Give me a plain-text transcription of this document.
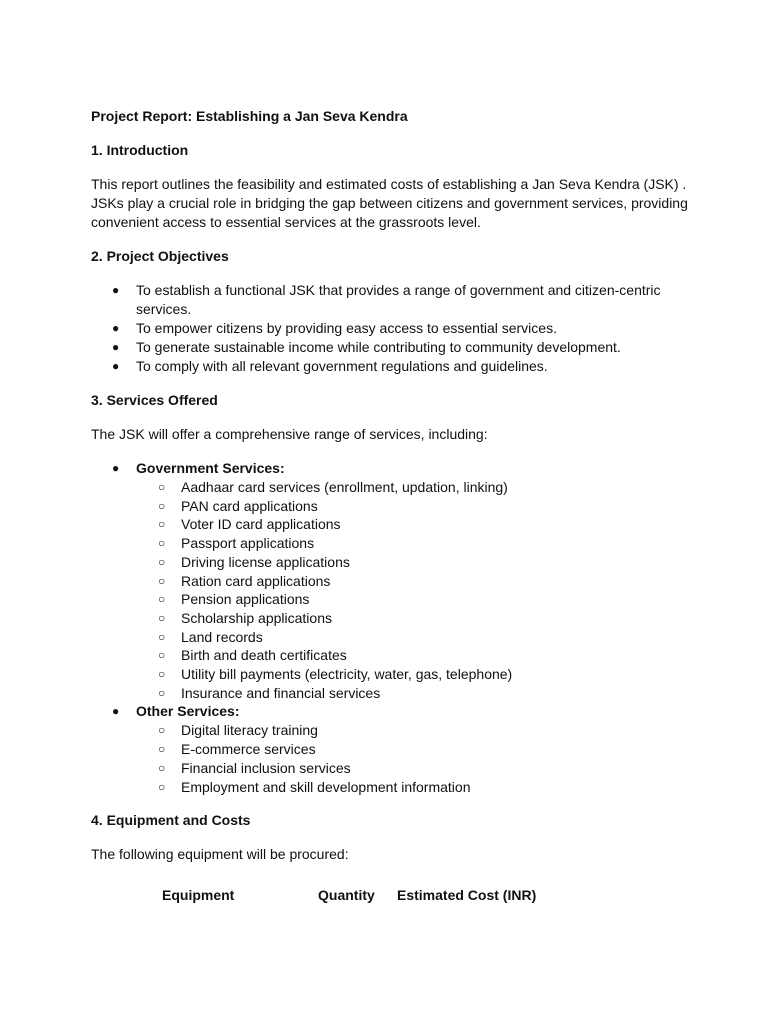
Project Report: Establishing a Jan Seva Kendra

1. Introduction

This report outlines the feasibility and estimated costs of establishing a Jan Seva Kendra (JSK) . JSKs play a crucial role in bridging the gap between citizens and government services, providing convenient access to essential services at the grassroots level.

2. Project Objectives

● To establish a functional JSK that provides a range of government and citizen-centric services.
● To empower citizens by providing easy access to essential services.
● To generate sustainable income while contributing to community development.
● To comply with all relevant government regulations and guidelines.

3. Services Offered

The JSK will offer a comprehensive range of services, including:

● Government Services:
○ Aadhaar card services (enrollment, updation, linking)
○ PAN card applications
○ Voter ID card applications
○ Passport applications
○ Driving license applications
○ Ration card applications
○ Pension applications
○ Scholarship applications
○ Land records
○ Birth and death certificates
○ Utility bill payments (electricity, water, gas, telephone)
○ Insurance and financial services
● Other Services:
○ Digital literacy training
○ E-commerce services
○ Financial inclusion services
○ Employment and skill development information

4. Equipment and Costs

The following equipment will be procured:

Equipment	Quantity Estimated Cost (INR)
